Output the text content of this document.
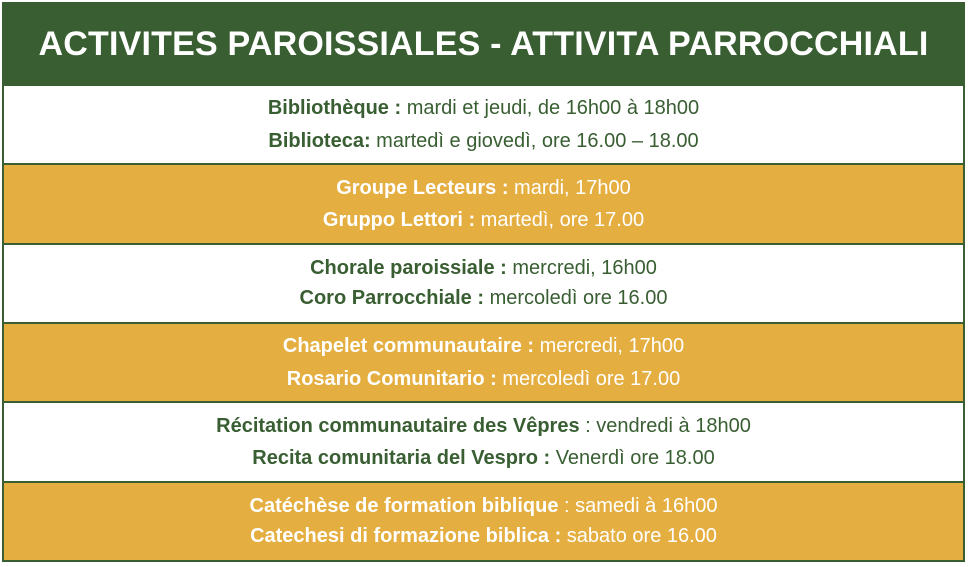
ACTIVITES PAROISSIALES - ATTIVITA PARROCCHIALI
Bibliothèque : mardi et jeudi, de 16h00 à 18h00
Biblioteca: martedì e giovedì, ore 16.00 – 18.00
Groupe Lecteurs : mardi, 17h00
Gruppo Lettori : martedì, ore 17.00
Chorale paroissiale : mercredi, 16h00
Coro Parrocchiale : mercoledì ore 16.00
Chapelet communautaire : mercredi, 17h00
Rosario Comunitario : mercoledì ore 17.00
Récitation communautaire des Vêpres : vendredi à 18h00
Recita comunitaria del Vespro : Venerdì ore 18.00
Catéchèse de formation biblique : samedi à 16h00
Catechesi di formazione biblica : sabato ore 16.00
